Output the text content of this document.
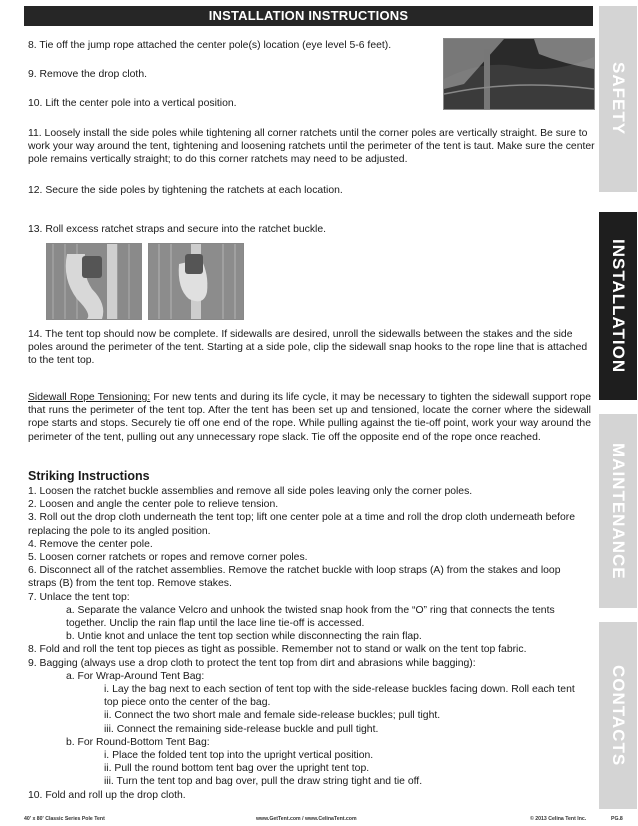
INSTALLATION INSTRUCTIONS
8. Tie off the jump rope attached the center pole(s) location (eye level 5-6 feet).
9. Remove the drop cloth.
10. Lift the center pole into a vertical position.
11. Loosely install the side poles while tightening all corner ratchets until the corner poles are vertically straight. Be sure to work your way around the tent, tightening and loosening ratchets until the perimeter of the tent is taut. Make sure the center pole remains vertically straight; to do this corner ratchets may need to be adjusted.
12. Secure the side poles by tightening the ratchets at each location.
13. Roll excess ratchet straps and secure into the ratchet buckle.
14. The tent top should now be complete. If sidewalls are desired, unroll the sidewalls between the stakes and the side poles around the perimeter of the tent. Starting at a side pole, clip the sidewall snap hooks to the rope line that is attached to the tent top.
Sidewall Rope Tensioning: For new tents and during its life cycle, it may be necessary to tighten the sidewall support rope that runs the perimeter of the tent top. After the tent has been set up and tensioned, locate the corner where the sidewall rope starts and stops. Securely tie off one end of the rope. While pulling against the tie-off point, work your way around the perimeter of the tent, pulling out any unnecessary rope slack. Tie off the opposite end of the rope once reached.
Striking Instructions
1. Loosen the ratchet buckle assemblies and remove all side poles leaving only the corner poles.
2. Loosen and angle the center pole to relieve tension.
3. Roll out the drop cloth underneath the tent top; lift one center pole at a time and roll the drop cloth underneath before replacing the pole to its angled position.
4. Remove the center pole.
5. Loosen corner ratchets or ropes and remove corner poles.
6. Disconnect all of the ratchet assemblies. Remove the ratchet buckle with loop straps (A) from the stakes and loop straps (B) from the tent top. Remove stakes.
7. Unlace the tent top:
a. Separate the valance Velcro and unhook the twisted snap hook from the “O” ring that connects the tents together. Unclip the rain flap until the lace line tie-off is accessed.
b. Untie knot and unlace the tent top section while disconnecting the rain flap.
8. Fold and roll the tent top pieces as tight as possible. Remember not to stand or walk on the tent top fabric.
9. Bagging (always use a drop cloth to protect the tent top from dirt and abrasions while bagging):
a. For Wrap-Around Tent Bag:
i. Lay the bag next to each section of tent top with the side-release buckles facing down. Roll each tent top piece onto the center of the bag.
ii. Connect the two short male and female side-release buckles; pull tight.
iii. Connect the remaining side-release buckle and pull tight.
b. For Round-Bottom Tent Bag:
i. Place the folded tent top into the upright vertical position.
ii. Pull the round bottom tent bag over the upright tent top.
iii. Turn the tent top and bag over, pull the draw string tight and tie off.
10. Fold and roll up the drop cloth.
SAFETY
INSTALLATION
MAINTENANCE
CONTACTS
40' x 80' Classic Series Pole Tent	www.GetTent.com / www.CelinaTent.com	© 2013 Celina Tent Inc.	PG.8
